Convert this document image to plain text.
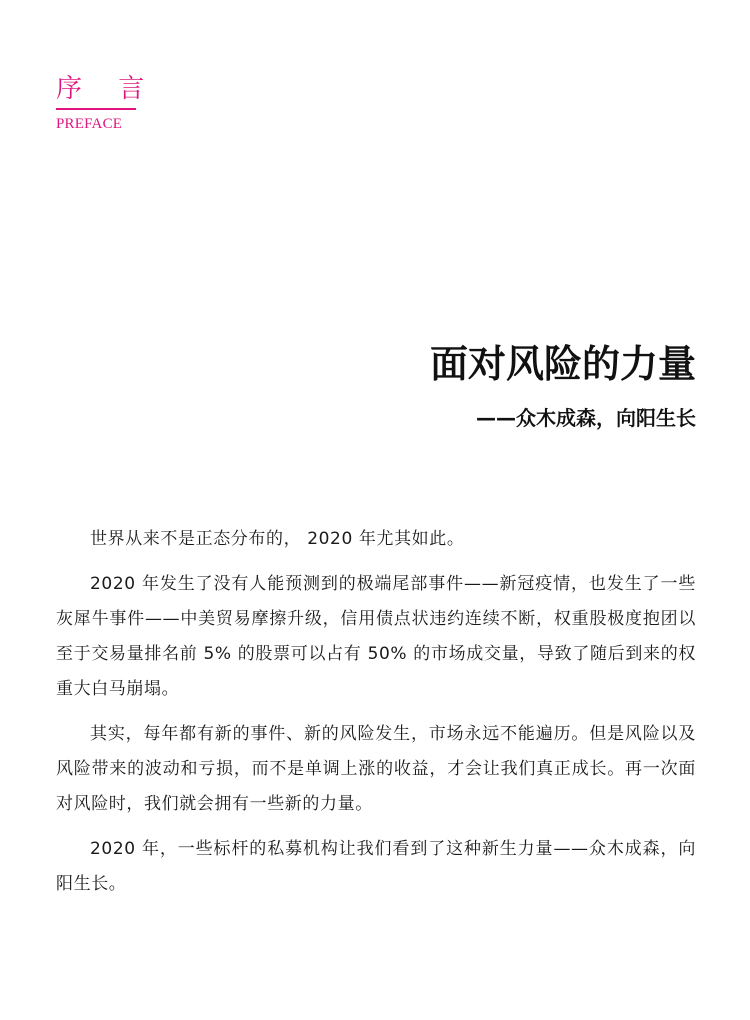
序 言
PREFACE
面对风险的力量
——众木成森，向阳生长

世界从来不是正态分布的， 2020 年尤其如此。

2020 年发生了没有人能预测到的极端尾部事件——新冠疫情，也发生了一些灰犀牛事件——中美贸易摩擦升级，信用债点状违约连续不断，权重股极度抱团以至于交易量排名前 5% 的股票可以占有 50% 的市场成交量，导致了随后到来的权重大白马崩塌。

其实，每年都有新的事件、新的风险发生，市场永远不能遍历。但是风险以及风险带来的波动和亏损，而不是单调上涨的收益，才会让我们真正成长。再一次面对风险时，我们就会拥有一些新的力量。

2020 年，一些标杆的私募机构让我们看到了这种新生力量——众木成森，向阳生长。
